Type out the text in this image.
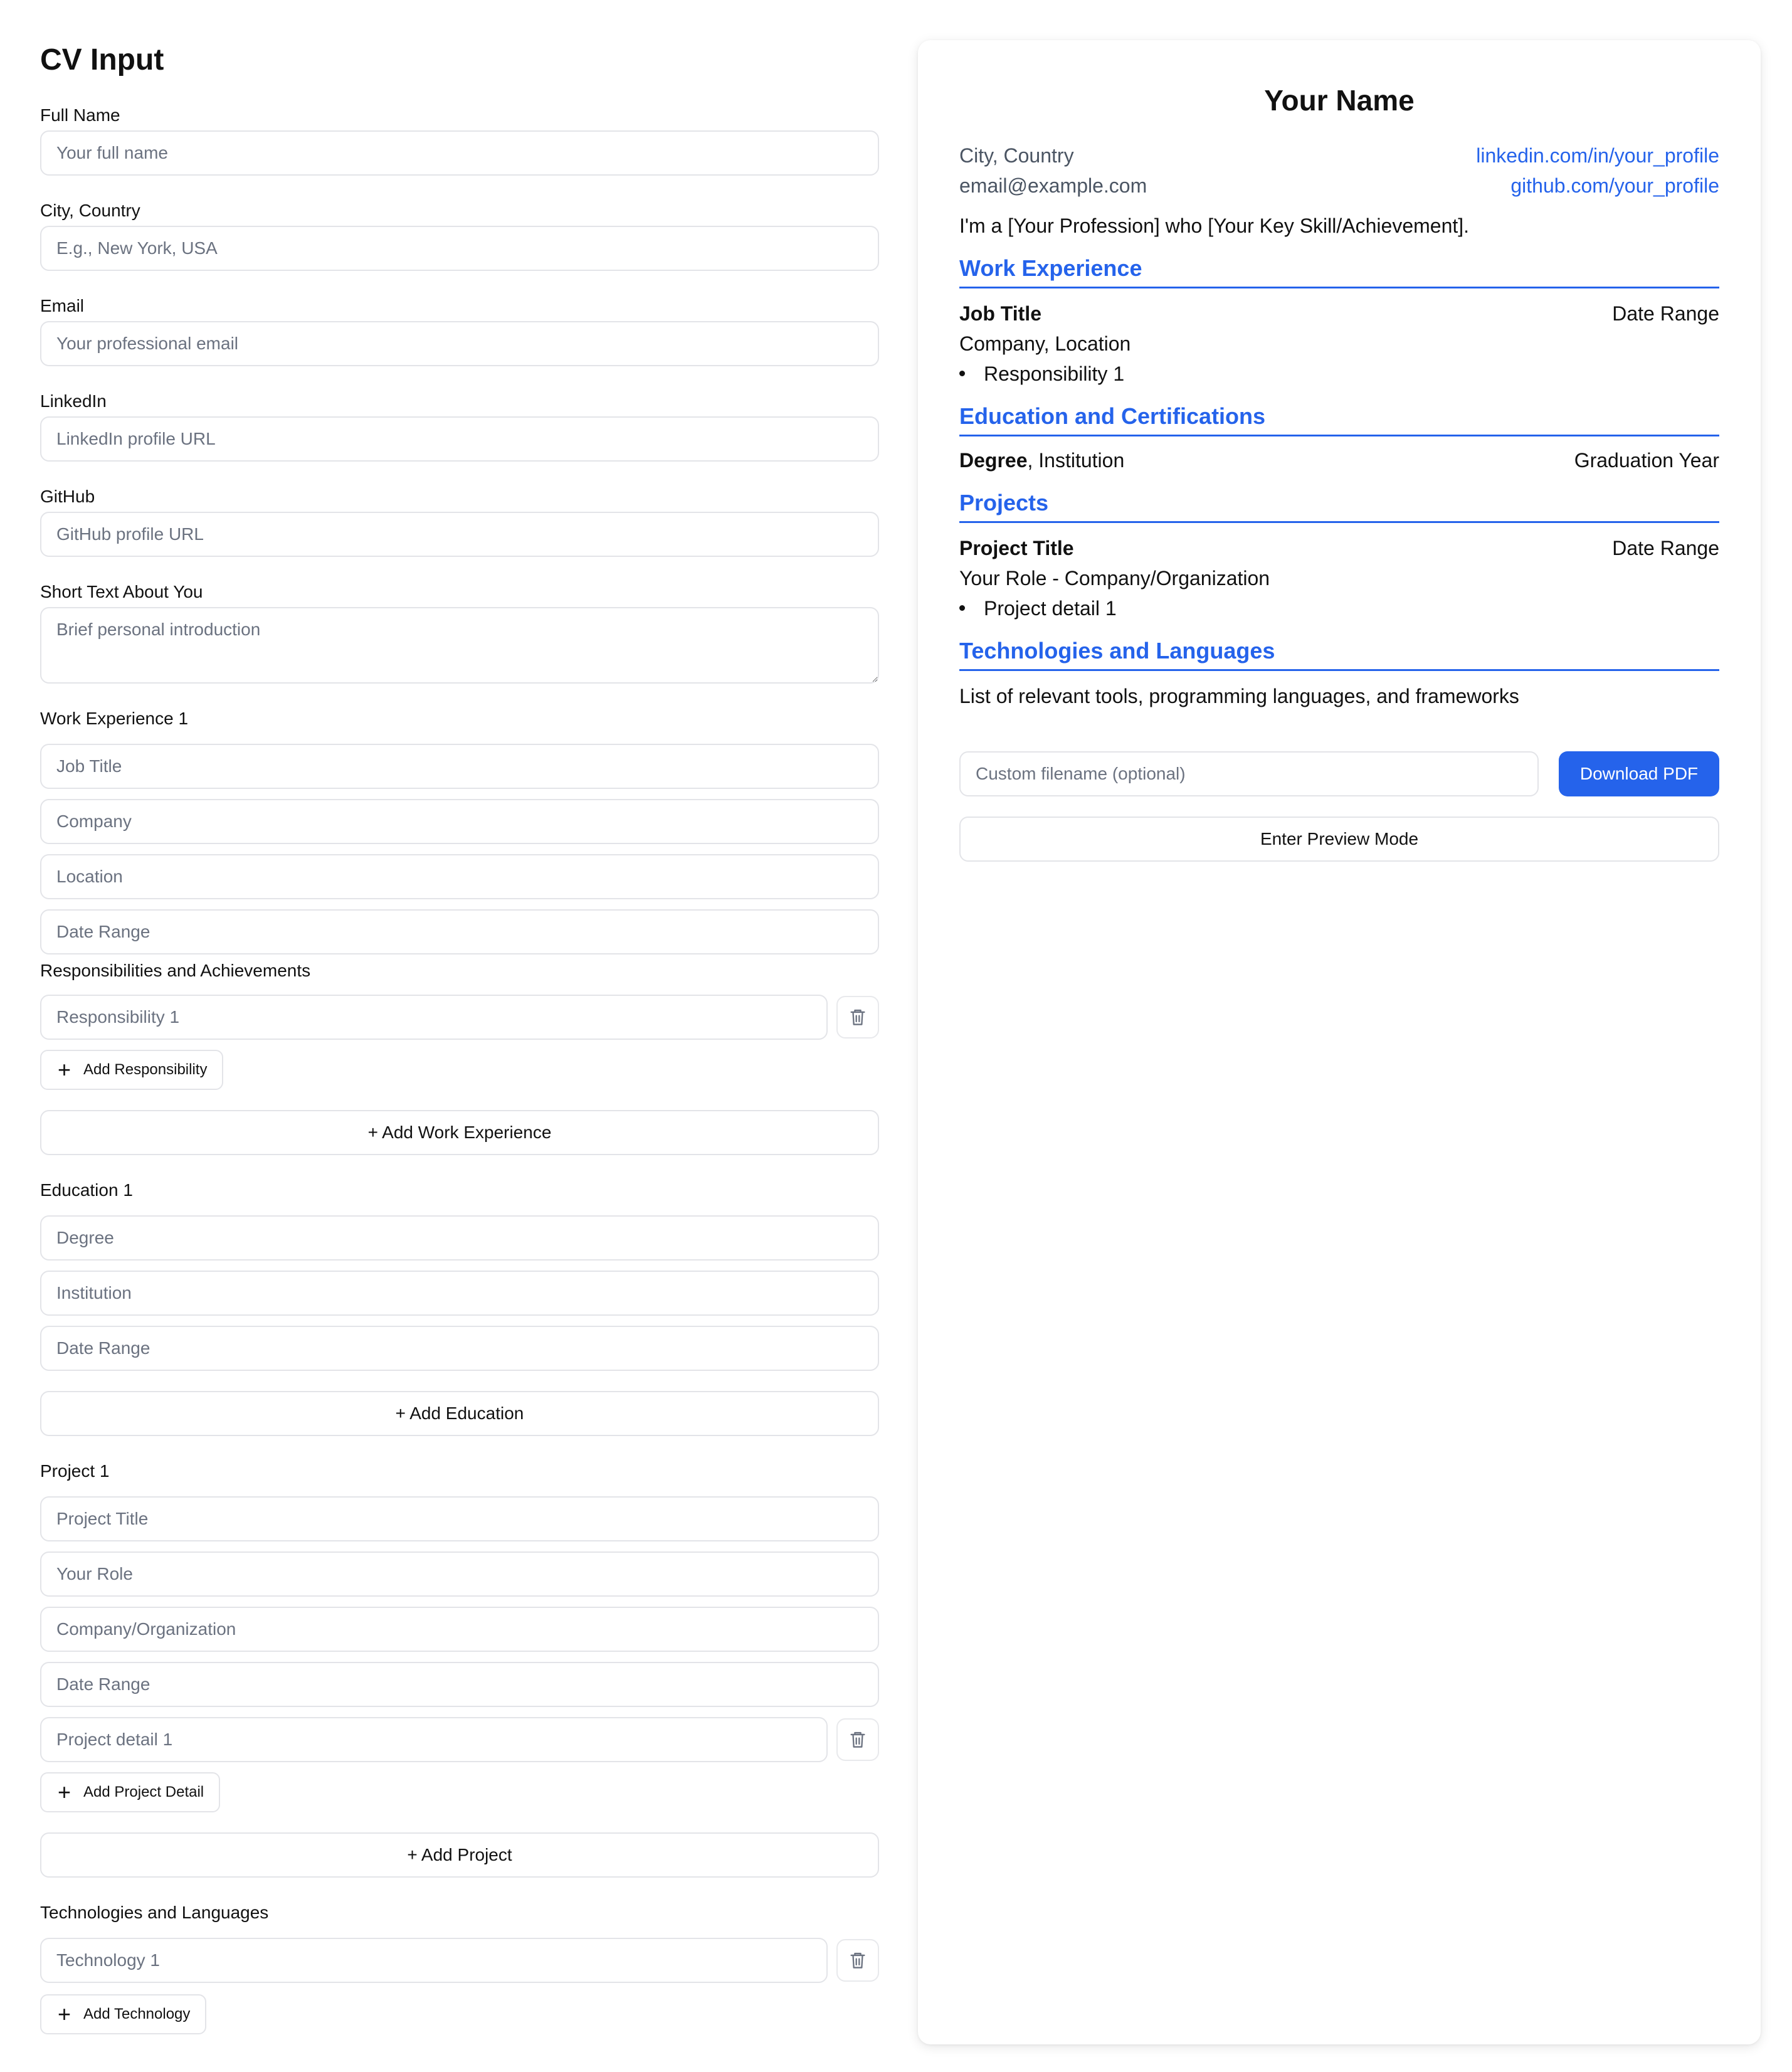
CV Input
Full Name
Your full name
City, Country
E.g., New York, USA
Email
Your professional email
LinkedIn
LinkedIn profile URL
GitHub
GitHub profile URL
Short Text About You
Brief personal introduction
Work Experience 1
Job Title
Company
Location
Date Range
Responsibilities and Achievements
Responsibility 1
+ Add Responsibility
+ Add Work Experience
Education 1
Degree
Institution
Date Range
+ Add Education
Project 1
Project Title
Your Role
Company/Organization
Date Range
Project detail 1
+ Add Project Detail
+ Add Project
Technologies and Languages
Technology 1
+ Add Technology
Your Name
City, Country	linkedin.com/in/your_profile
email@example.com	github.com/your_profile
I'm a [Your Profession] who [Your Key Skill/Achievement].
Work Experience
Job Title	Date Range
Company, Location
Responsibility 1
Education and Certifications
Degree, Institution	Graduation Year
Projects
Project Title	Date Range
Your Role - Company/Organization
Project detail 1
Technologies and Languages
List of relevant tools, programming languages, and frameworks
Custom filename (optional)
Download PDF
Enter Preview Mode
